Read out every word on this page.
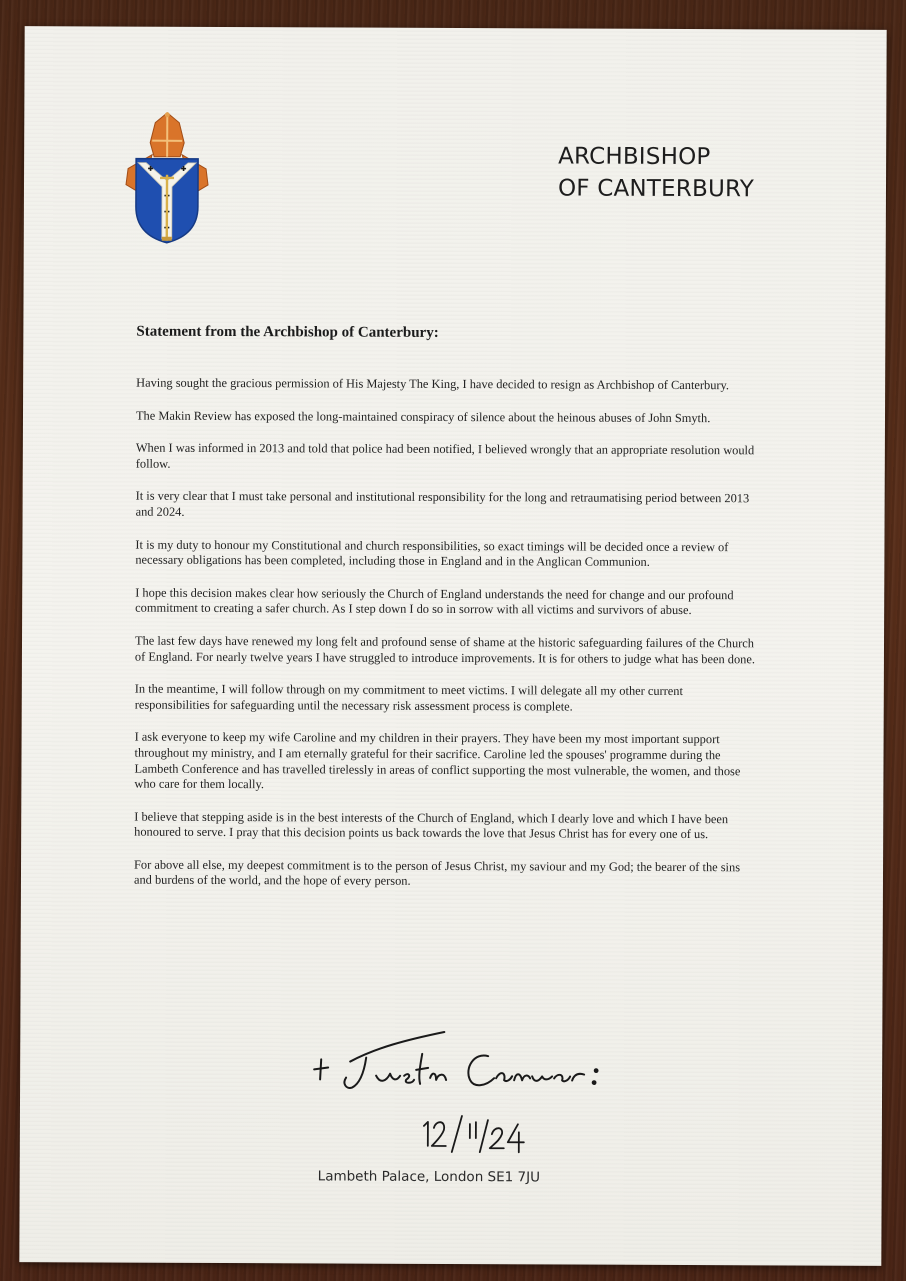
ARCHBISHOP
OF CANTERBURY
Statement from the Archbishop of Canterbury:

Having sought the gracious permission of His Majesty The King, I have decided to resign as Archbishop of Canterbury.

The Makin Review has exposed the long-maintained conspiracy of silence about the heinous abuses of John Smyth.

When I was informed in 2013 and told that police had been notified, I believed wrongly that an appropriate resolution would follow.

It is very clear that I must take personal and institutional responsibility for the long and retraumatising period between 2013 and 2024.

It is my duty to honour my Constitutional and church responsibilities, so exact timings will be decided once a review of necessary obligations has been completed, including those in England and in the Anglican Communion.

I hope this decision makes clear how seriously the Church of England understands the need for change and our profound commitment to creating a safer church. As I step down I do so in sorrow with all victims and survivors of abuse.

The last few days have renewed my long felt and profound sense of shame at the historic safeguarding failures of the Church of England. For nearly twelve years I have struggled to introduce improvements. It is for others to judge what has been done.

In the meantime, I will follow through on my commitment to meet victims. I will delegate all my other current responsibilities for safeguarding until the necessary risk assessment process is complete.

I ask everyone to keep my wife Caroline and my children in their prayers. They have been my most important support throughout my ministry, and I am eternally grateful for their sacrifice. Caroline led the spouses' programme during the Lambeth Conference and has travelled tirelessly in areas of conflict supporting the most vulnerable, the women, and those who care for them locally.

I believe that stepping aside is in the best interests of the Church of England, which I dearly love and which I have been honoured to serve. I pray that this decision points us back towards the love that Jesus Christ has for every one of us.

For above all else, my deepest commitment is to the person of Jesus Christ, my saviour and my God; the bearer of the sins and burdens of the world, and the hope of every person.

Lambeth Palace, London SE1 7JU
